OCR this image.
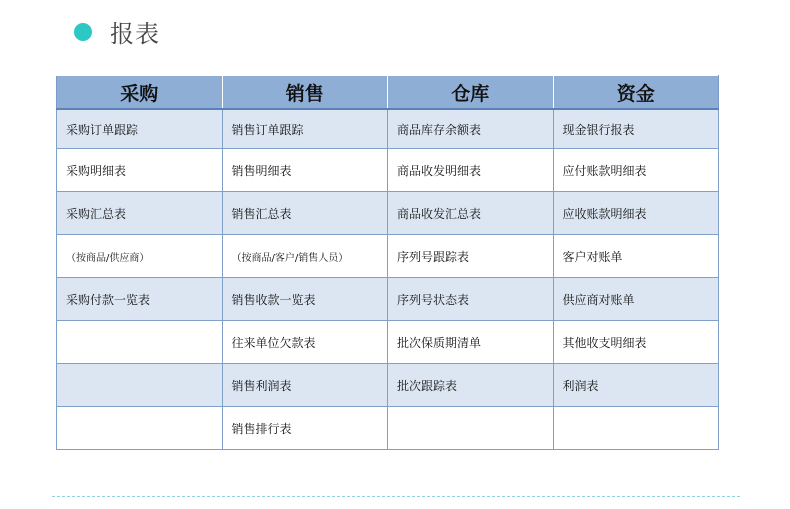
报表
采购	销售	仓库	资金
采购订单跟踪	销售订单跟踪	商品库存余额表	现金银行报表
采购明细表	销售明细表	商品收发明细表	应付账款明细表
采购汇总表	销售汇总表	商品收发汇总表	应收账款明细表
（按商品/供应商）	（按商品/客户/销售人员）	序列号跟踪表	客户对账单
采购付款一览表	销售收款一览表	序列号状态表	供应商对账单
	往来单位欠款表	批次保质期清单	其他收支明细表
	销售利润表	批次跟踪表	利润表
	销售排行表		
